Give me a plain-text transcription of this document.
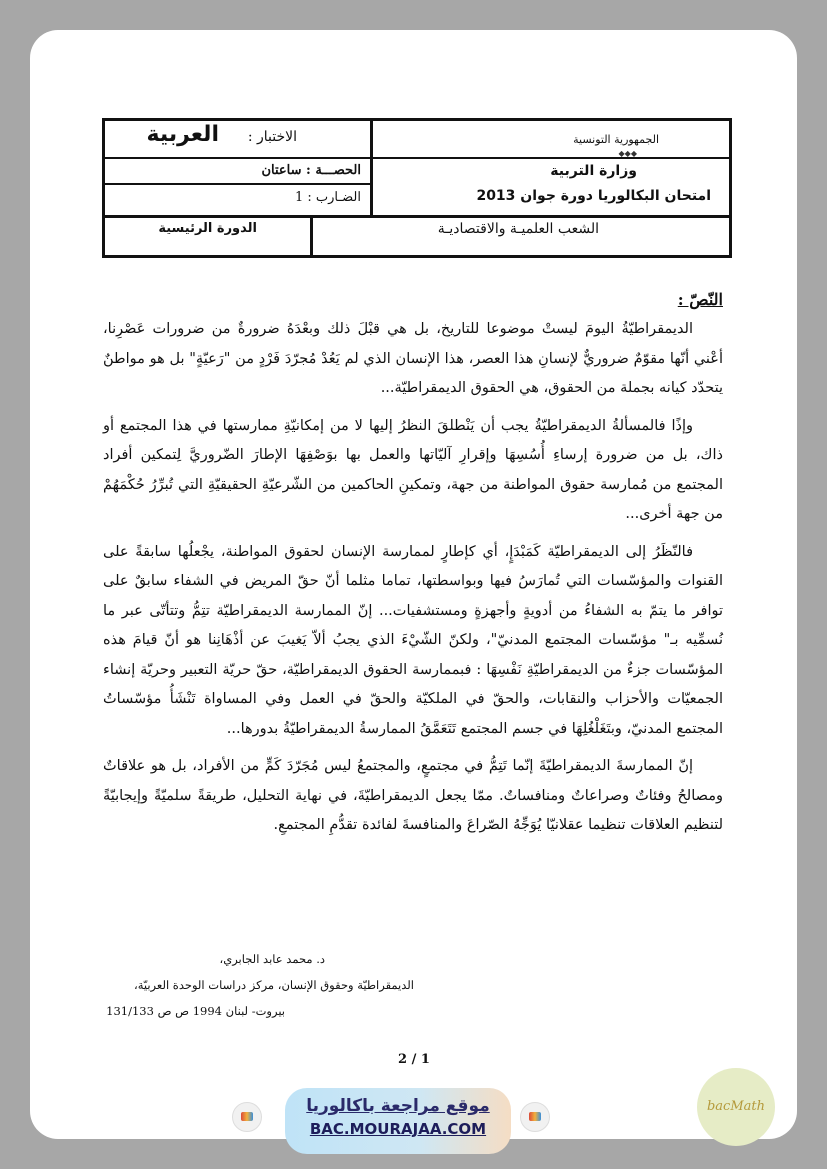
الجمهورية التونسية
◆◆◆
وزارة التربية
امتحان البكالوريا دورة جوان 2013
الاختبار :
العربية
الحصـــة : ساعتان
الضـارب : 1
الشعب العلميـة والاقتصاديـة
الدورة الرئيسية

النّصّ :

الديمقراطيّةُ اليومَ ليستْ موضوعا للتاريخ، بل هي قبْلَ ذلك وبعْدَهُ ضرورةٌ من ضرورات عَصْرِنا، أعْني أنّها مقوّمٌ ضروريٌّ لإنسانِ هذا العصر، هذا الإنسان الذي لم يَعُدْ مُجرّدَ فَرْدٍ من "رَعيّةٍ" بل هو مواطنٌ يتحدّد كيانه بجملة من الحقوق، هي الحقوق الديمقراطيّة...

وإذًا فالمسألةُ الديمقراطيّةُ يجب أن يَنْطلقَ النظرُ إليها لا من إمكانيّةِ ممارستها في هذا المجتمع أو ذاك، بل من ضرورة إرساءِ أُسُسِهَا وإقرارِ آليّاتها والعمل بها بوَصْفِهَا الإطارَ الضّروريَّ لِتمكين أفراد المجتمع من مُمارسة حقوق المواطنة من جهة، وتمكينِ الحاكمين من الشّرعيّةِ الحقيقيّةِ التي تُبرِّرُ حُكْمَهُمْ من جهة أخرى...

فالنّظَرُ إلى الديمقراطيّة كَمَبْدَإٍ، أي كإطارٍ لممارسة الإنسان لحقوق المواطنة، يجْعلُها سابقةً على القنوات والمؤسّسات التي تُمارَسُ فيها وبواسطتها، تماما مثلما أنّ حقّ المريض في الشفاء سابقٌ على توافر ما يتمّ به الشفاءُ من أدويةٍ وأجهزةٍ ومستشفيات... إنّ الممارسة الديمقراطيّة تتِمُّ وتتأتّى عبر ما نُسمِّيه بـ" مؤسّسات المجتمع المدنيّ"، ولكنّ الشّيْءَ الذي يجبُ ألاّ يَغيبَ عن أذْهَانِنا هو أنّ قيامَ هذه المؤسّسات جزءٌ من الديمقراطيّةِ نَفْسِهَا : فبممارسة الحقوق الديمقراطيّة، حقّ حريّة التعبير وحريّة إنشاء الجمعيّات والأحزاب والنقابات، والحقّ في الملكيّة والحقّ في العمل وفي المساواة تَنْشَأُ مؤسّساتُ المجتمع المدنيّ، وبتَغَلْغُلِهَا في جسم المجتمع تَتَعَمَّقُ الممارسةُ الديمقراطيّةُ بدورها...

إنّ الممارسةَ الديمقراطيّةَ إنّما تَتِمُّ في مجتمعٍ، والمجتمعُ ليس مُجَرّدَ كَمٍّ من الأفراد، بل هو علاقاتٌ ومصالحُ وفئاتٌ وصراعاتٌ ومنافساتٌ. ممّا يجعل الديمقراطيّةَ، في نهاية التحليل، طريقةً سلميّةً وإيجابيّةً لتنظيم العلاقات تنظيما عقلانيّا يُوَجِّهُ الصّراعَ والمنافسةَ لفائدة تقدُّمِ المجتمعِ.

د. محمد عابد الجابري،
الديمقراطيّة وحقوق الإنسان، مركز دراسات الوحدة العربيّة،
بيروت- لبنان 1994 ص ص 131/133
2 / 1
موقع مراجعة باكالوريا
BAC.MOURAJAA.COM
bacMath
